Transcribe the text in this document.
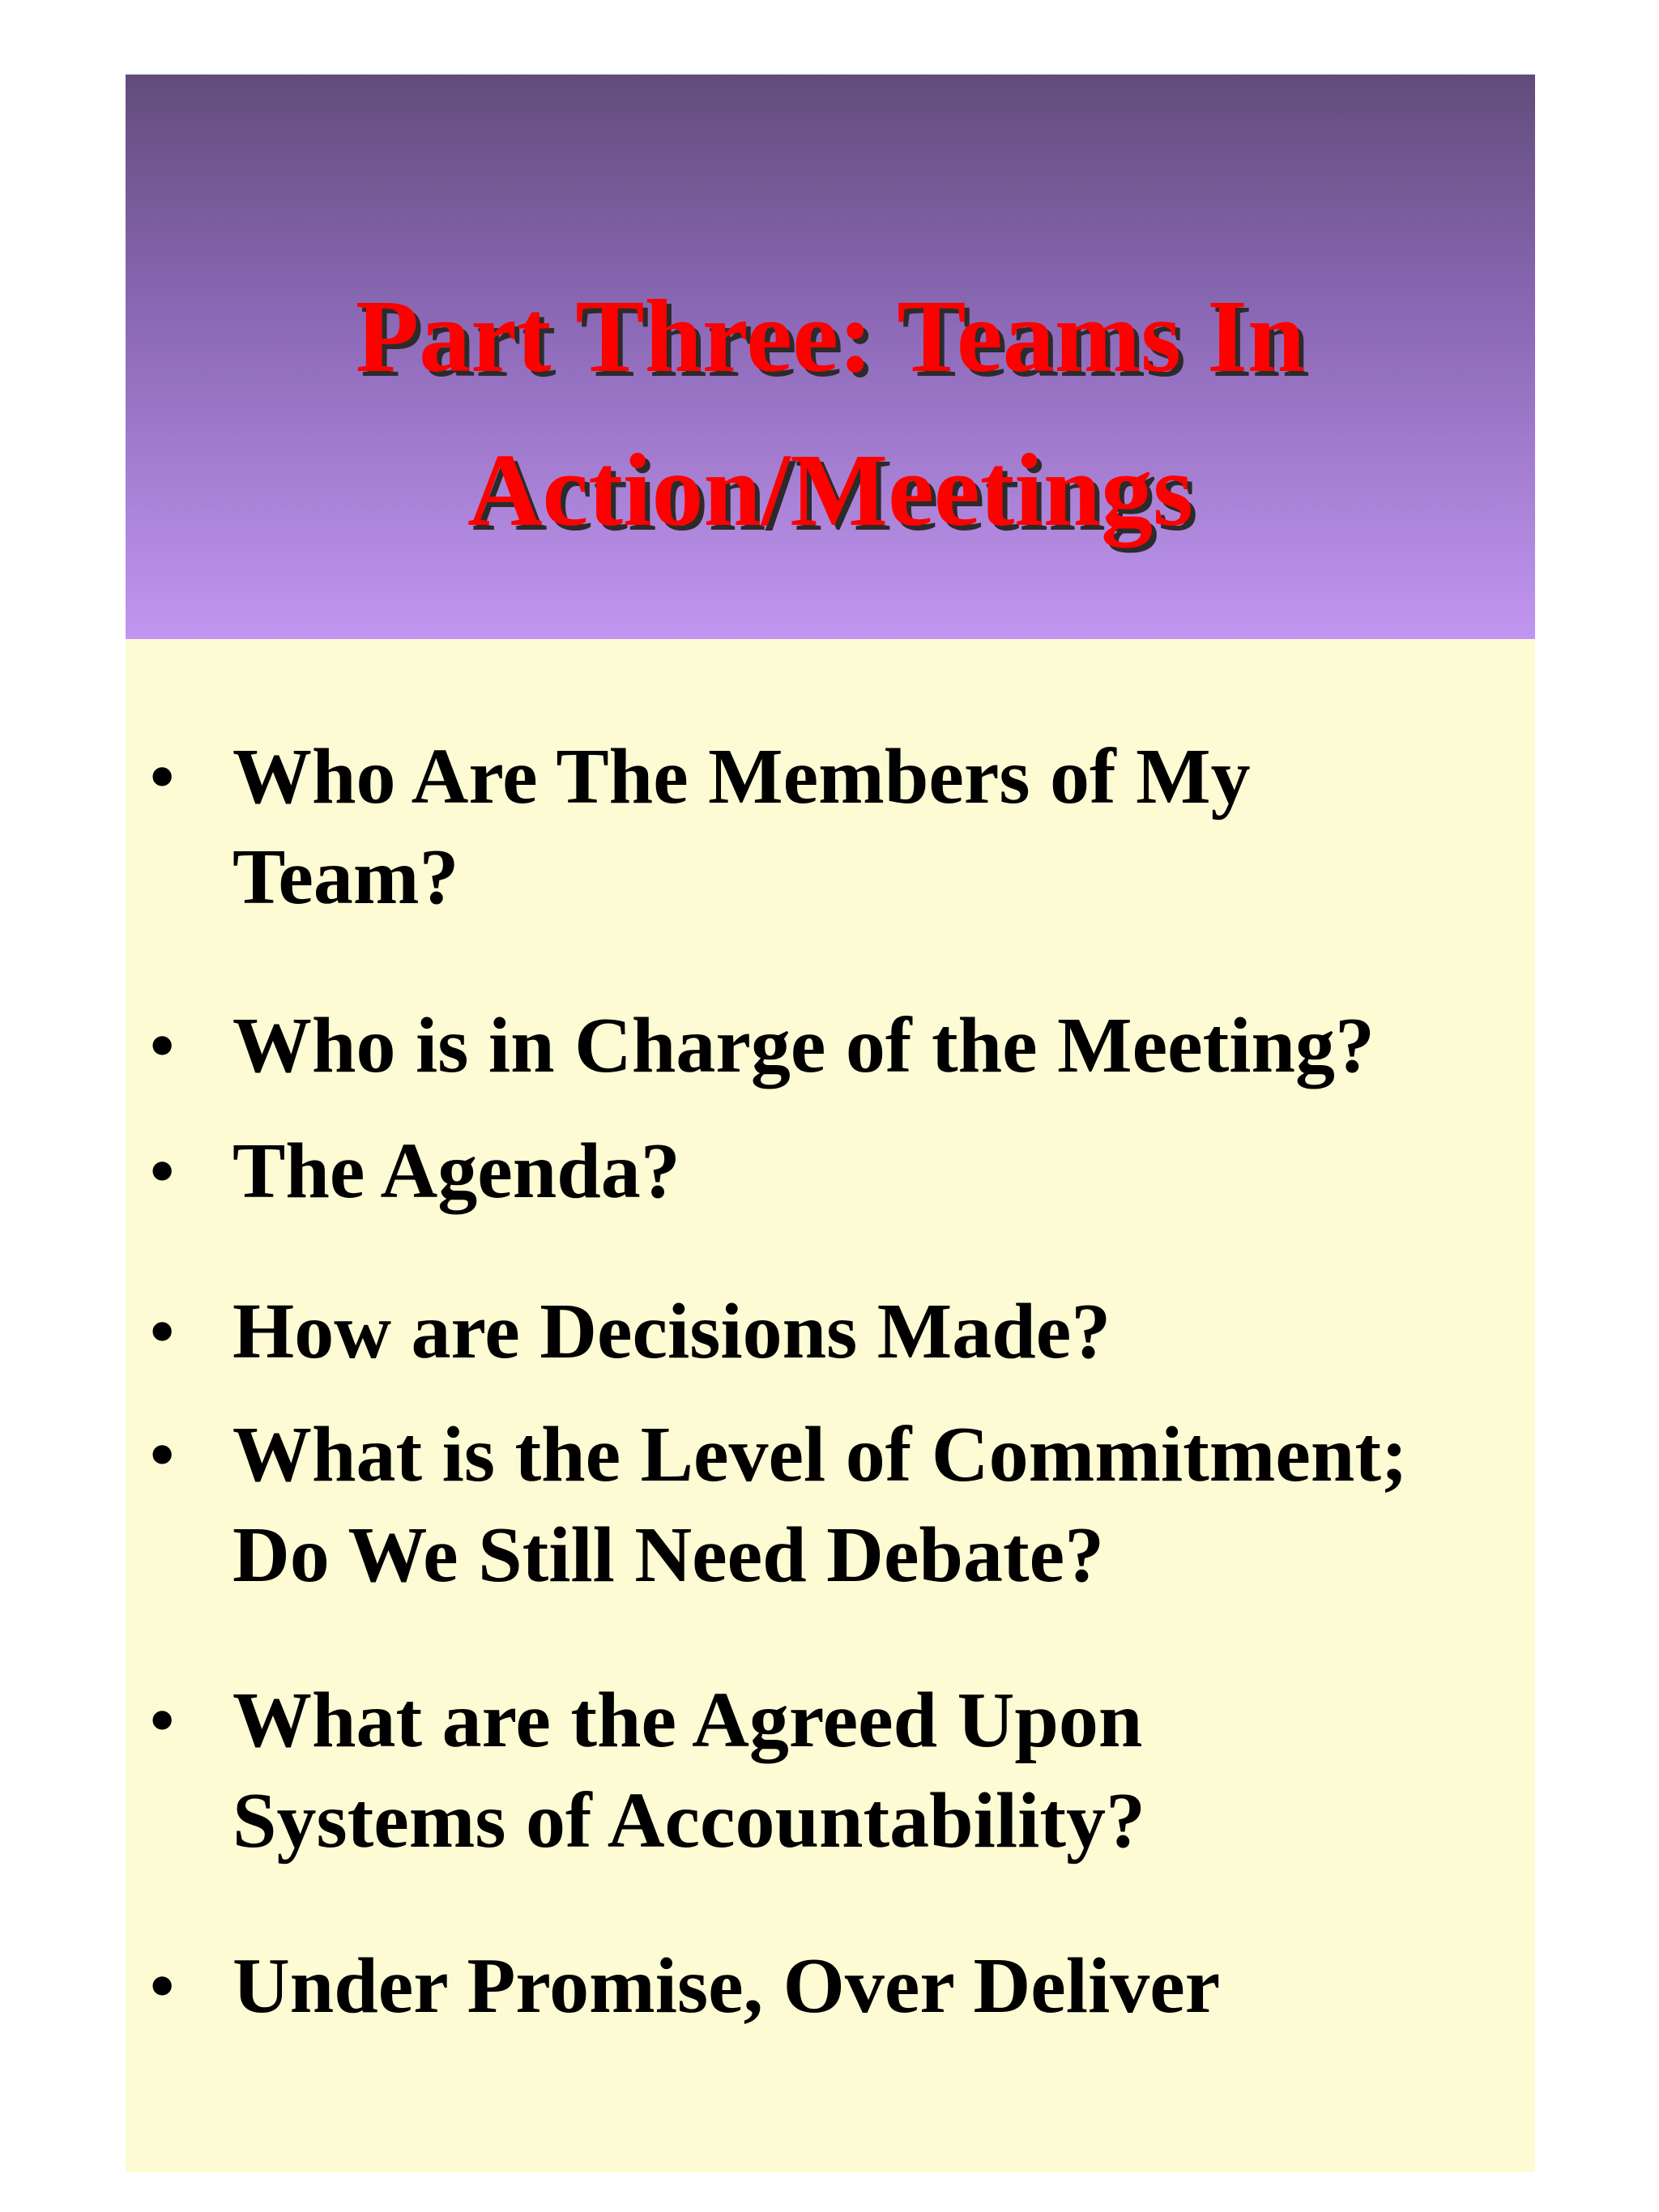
Part Three: Teams In
Action/Meetings
• Who Are The Members of My
Team?
• Who is in Charge of the Meeting?
• The Agenda?
• How are Decisions Made?
• What is the Level of Commitment;
Do We Still Need Debate?
• What are the Agreed Upon
Systems of Accountability?
• Under Promise, Over Deliver
